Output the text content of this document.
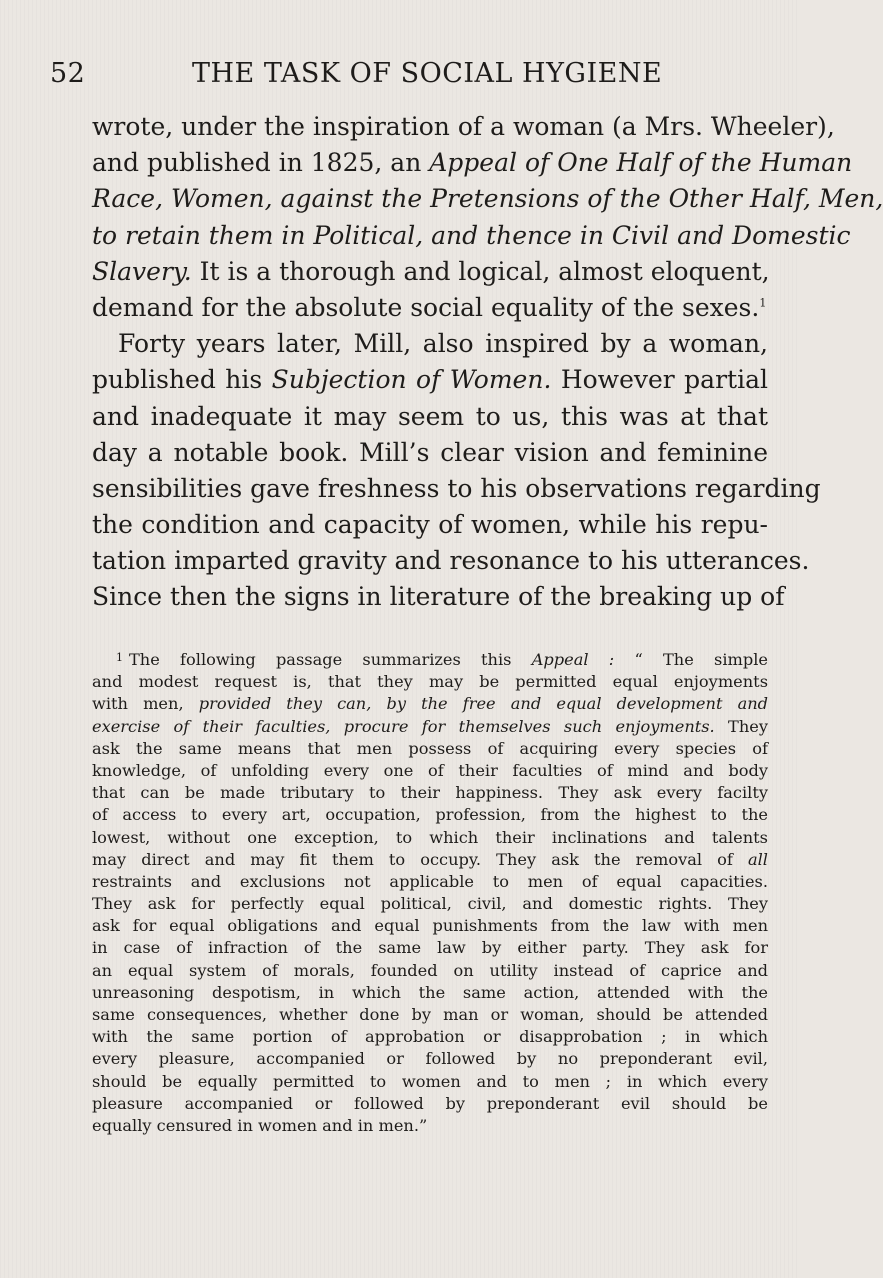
52	THE TASK OF SOCIAL HYGIENE
wrote, under the inspiration of a woman (a Mrs. Wheeler),
and published in 1825, an Appeal of One Half of the Human
Race, Women, against the Pretensions of the Other Half, Men,
to retain them in Political, and thence in Civil and Domestic
Slavery. It is a thorough and logical, almost eloquent,
demand for the absolute social equality of the sexes.$^1$
Forty years later, Mill, also inspired by a woman,
published his Subjection of Women. However partial
and inadequate it may seem to us, this was at that
day a notable book. Mill’s clear vision and feminine
sensibilities gave freshness to his observations regarding
the condition and capacity of women, while his repu-
tation imparted gravity and resonance to his utterances.
Since then the signs in literature of the breaking up of
$^1$ The following passage summarizes this Appeal : “ The simple
and modest request is, that they may be permitted equal enjoyments
with men, provided they can, by the free and equal development and
exercise of their faculties, procure for themselves such enjoyments. They
ask the same means that men possess of acquiring every species of
knowledge, of unfolding every one of their faculties of mind and body
that can be made tributary to their happiness. They ask every facilty
of access to every art, occupation, profession, from the highest to the
lowest, without one exception, to which their inclinations and talents
may direct and may fit them to occupy. They ask the removal of all
restraints and exclusions not applicable to men of equal capacities.
They ask for perfectly equal political, civil, and domestic rights. They
ask for equal obligations and equal punishments from the law with men
in case of infraction of the same law by either party. They ask for
an equal system of morals, founded on utility instead of caprice and
unreasoning despotism, in which the same action, attended with the
same consequences, whether done by man or woman, should be attended
with the same portion of approbation or disapprobation ; in which
every pleasure, accompanied or followed by no preponderant evil,
should be equally permitted to women and to men ; in which every
pleasure accompanied or followed by preponderant evil should be
equally censured in women and in men.”
